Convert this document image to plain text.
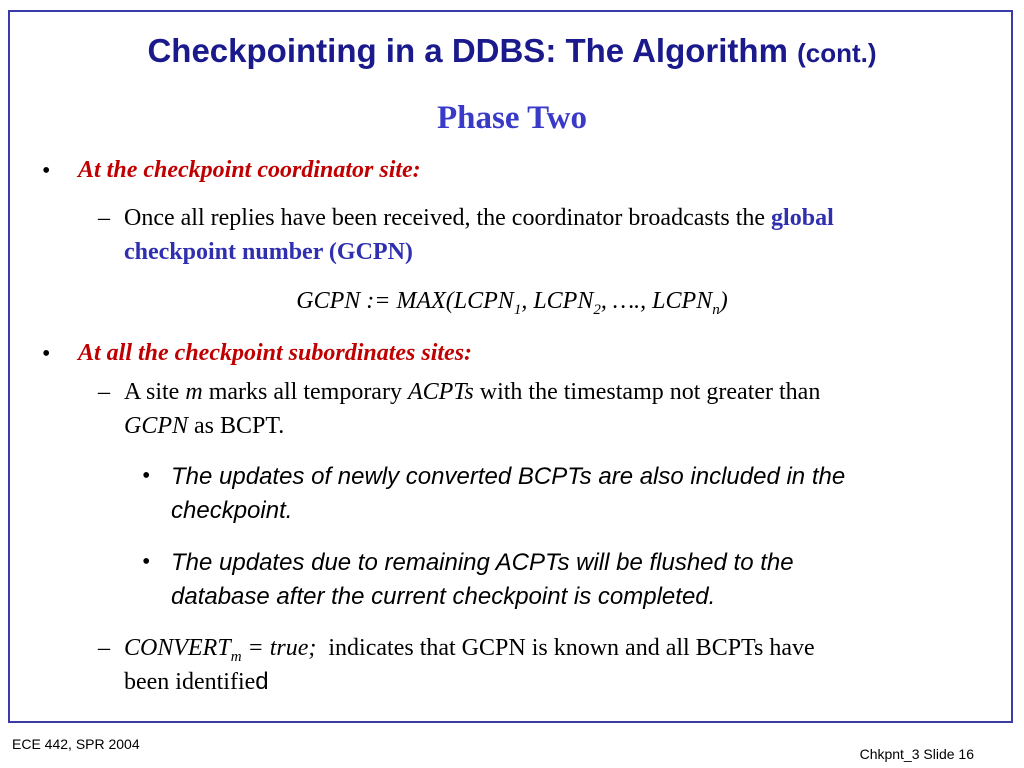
Checkpointing in a DDBS: The Algorithm (cont.)
Phase Two
• At the checkpoint coordinator site:
– Once all replies have been received, the coordinator broadcasts the global
checkpoint number (GCPN)
GCPN := $MAX(LCPN_1$, $LCPN_2$, …., $LCPN_n$)
• At all the checkpoint subordinates sites:
– A site m marks all temporary ACPTs with the timestamp not greater than
GCPN as BCPT.
• The updates of newly converted BCPTs are also included in the
checkpoint.
• The updates due to remaining ACPTs will be flushed to the
database after the current checkpoint is completed.
– $CONVERT_m$ = true; indicates that GCPN is known and all BCPTs have
been identified
ECE 442, SPR 2004
Chkpnt_3 Slide 16
